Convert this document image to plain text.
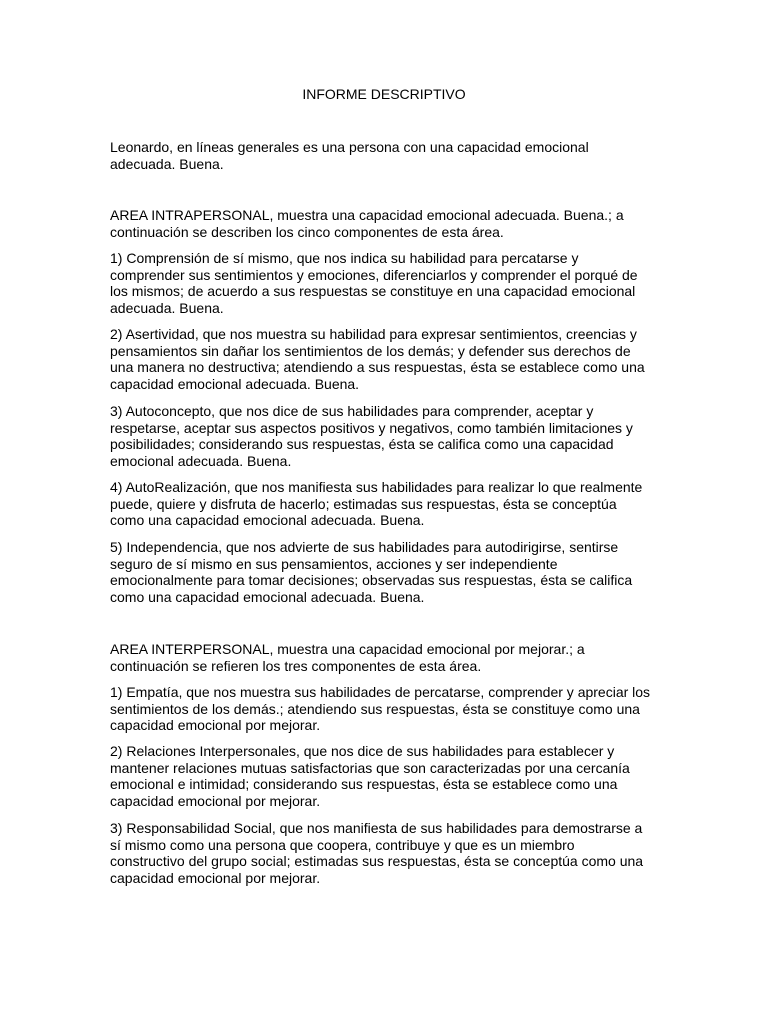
INFORME DESCRIPTIVO

Leonardo, en líneas generales es una persona con una capacidad emocional
adecuada. Buena.

AREA INTRAPERSONAL, muestra una capacidad emocional adecuada. Buena.; a
continuación se describen los cinco componentes de esta área.

1) Comprensión de sí mismo, que nos indica su habilidad para percatarse y
comprender sus sentimientos y emociones, diferenciarlos y comprender el porqué de
los mismos; de acuerdo a sus respuestas se constituye en una capacidad emocional
adecuada. Buena.

2) Asertividad, que nos muestra su habilidad para expresar sentimientos, creencias y
pensamientos sin dañar los sentimientos de los demás; y defender sus derechos de
una manera no destructiva; atendiendo a sus respuestas, ésta se establece como una
capacidad emocional adecuada. Buena.

3) Autoconcepto, que nos dice de sus habilidades para comprender, aceptar y
respetarse, aceptar sus aspectos positivos y negativos, como también limitaciones y
posibilidades; considerando sus respuestas, ésta se califica como una capacidad
emocional adecuada. Buena.

4) AutoRealización, que nos manifiesta sus habilidades para realizar lo que realmente
puede, quiere y disfruta de hacerlo; estimadas sus respuestas, ésta se conceptúa
como una capacidad emocional adecuada. Buena.

5) Independencia, que nos advierte de sus habilidades para autodirigirse, sentirse
seguro de sí mismo en sus pensamientos, acciones y ser independiente
emocionalmente para tomar decisiones; observadas sus respuestas, ésta se califica
como una capacidad emocional adecuada. Buena.

AREA INTERPERSONAL, muestra una capacidad emocional por mejorar.; a
continuación se refieren los tres componentes de esta área.

1) Empatía, que nos muestra sus habilidades de percatarse, comprender y apreciar los
sentimientos de los demás.; atendiendo sus respuestas, ésta se constituye como una
capacidad emocional por mejorar.

2) Relaciones Interpersonales, que nos dice de sus habilidades para establecer y
mantener relaciones mutuas satisfactorias que son caracterizadas por una cercanía
emocional e intimidad; considerando sus respuestas, ésta se establece como una
capacidad emocional por mejorar.

3) Responsabilidad Social, que nos manifiesta de sus habilidades para demostrarse a
sí mismo como una persona que coopera, contribuye y que es un miembro
constructivo del grupo social; estimadas sus respuestas, ésta se conceptúa como una
capacidad emocional por mejorar.
